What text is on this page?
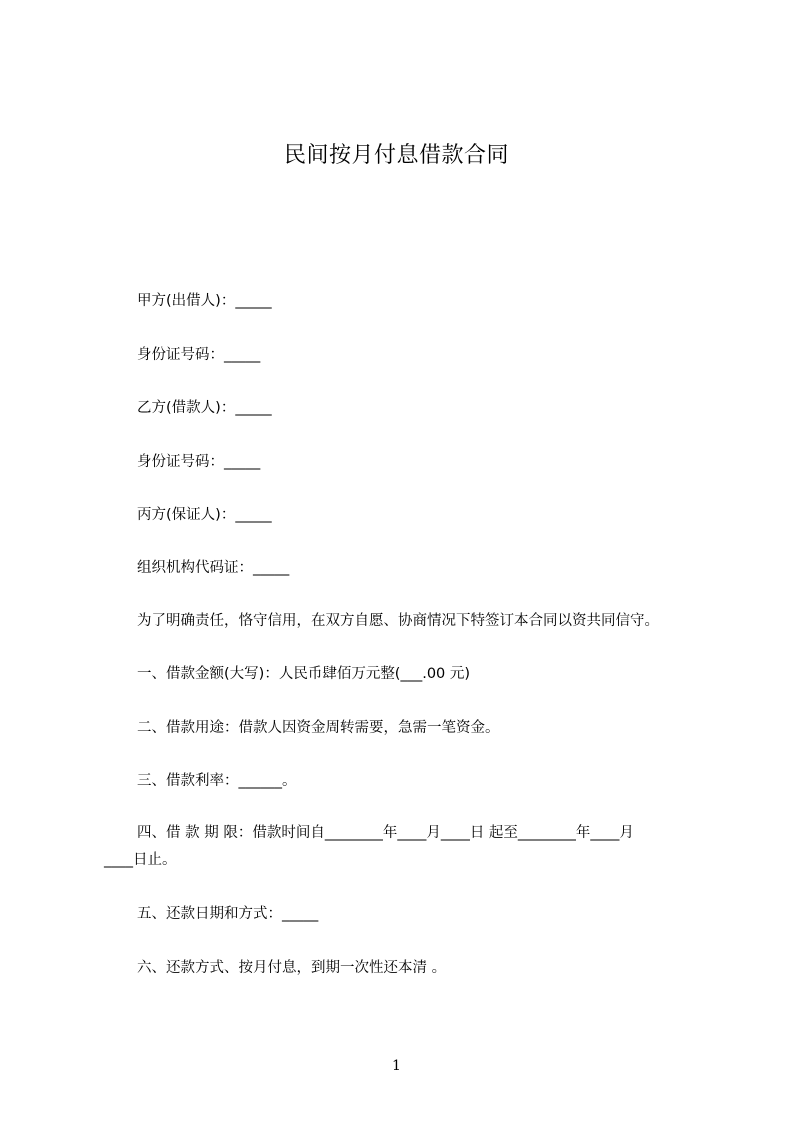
民间按月付息借款合同
甲方(出借人)：_____
身份证号码：_____
乙方(借款人)：_____
身份证号码：_____
丙方(保证人)：_____
组织机构代码证：_____
为了明确责任，恪守信用，在双方自愿、协商情况下特签订本合同以资共同信守。
一、借款金额(大写)：人民币肆佰万元整(___.00 元)
二、借款用途：借款人因资金周转需要，急需一笔资金。
三、借款利率：______。
四、借 款 期 限：借款时间自________年____月____日 起至________年____月
____日止。
五、还款日期和方式：_____
六、还款方式、按月付息，到期一次性还本清 。
1
